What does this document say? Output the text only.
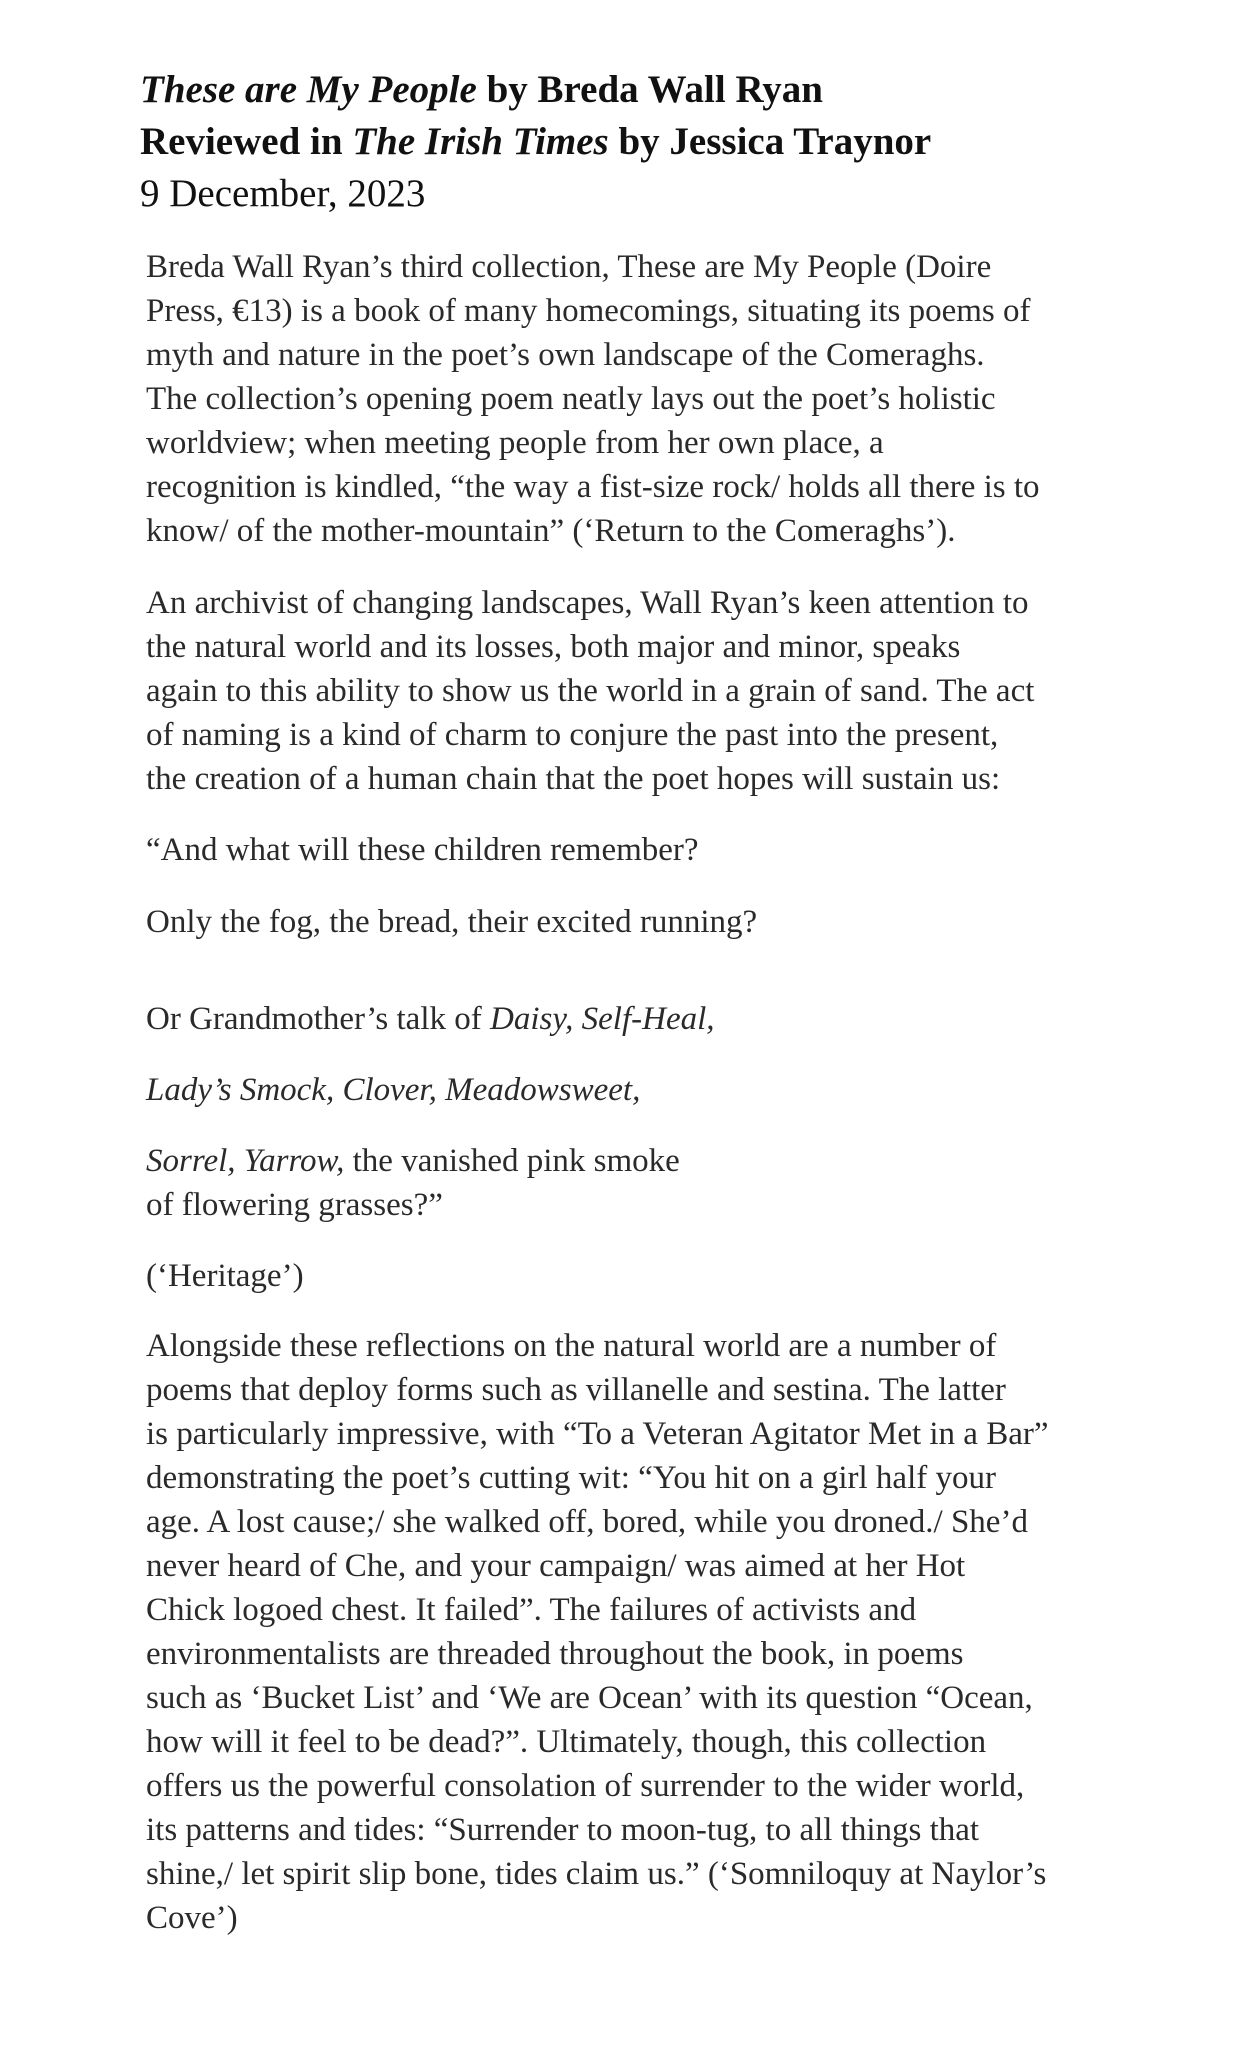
These are My People by Breda Wall Ryan
Reviewed in The Irish Times by Jessica Traynor
9 December, 2023
Breda Wall Ryan’s third collection, These are My People (Doire
Press, €13) is a book of many homecomings, situating its poems of
myth and nature in the poet’s own landscape of the Comeraghs.
The collection’s opening poem neatly lays out the poet’s holistic
worldview; when meeting people from her own place, a
recognition is kindled, “the way a fist-size rock/ holds all there is to
know/ of the mother-mountain” (‘Return to the Comeraghs’).
An archivist of changing landscapes, Wall Ryan’s keen attention to
the natural world and its losses, both major and minor, speaks
again to this ability to show us the world in a grain of sand. The act
of naming is a kind of charm to conjure the past into the present,
the creation of a human chain that the poet hopes will sustain us:
“And what will these children remember?
Only the fog, the bread, their excited running?
Or Grandmother’s talk of Daisy, Self-Heal,
Lady’s Smock, Clover, Meadowsweet,
Sorrel, Yarrow, the vanished pink smoke
of flowering grasses?”
(‘Heritage’)
Alongside these reflections on the natural world are a number of
poems that deploy forms such as villanelle and sestina. The latter
is particularly impressive, with “To a Veteran Agitator Met in a Bar”
demonstrating the poet’s cutting wit: “You hit on a girl half your
age. A lost cause;/ she walked off, bored, while you droned./ She’d
never heard of Che, and your campaign/ was aimed at her Hot
Chick logoed chest. It failed”. The failures of activists and
environmentalists are threaded throughout the book, in poems
such as ‘Bucket List’ and ‘We are Ocean’ with its question “Ocean,
how will it feel to be dead?”. Ultimately, though, this collection
offers us the powerful consolation of surrender to the wider world,
its patterns and tides: “Surrender to moon-tug, to all things that
shine,/ let spirit slip bone, tides claim us.” (‘Somniloquy at Naylor’s
Cove’)
